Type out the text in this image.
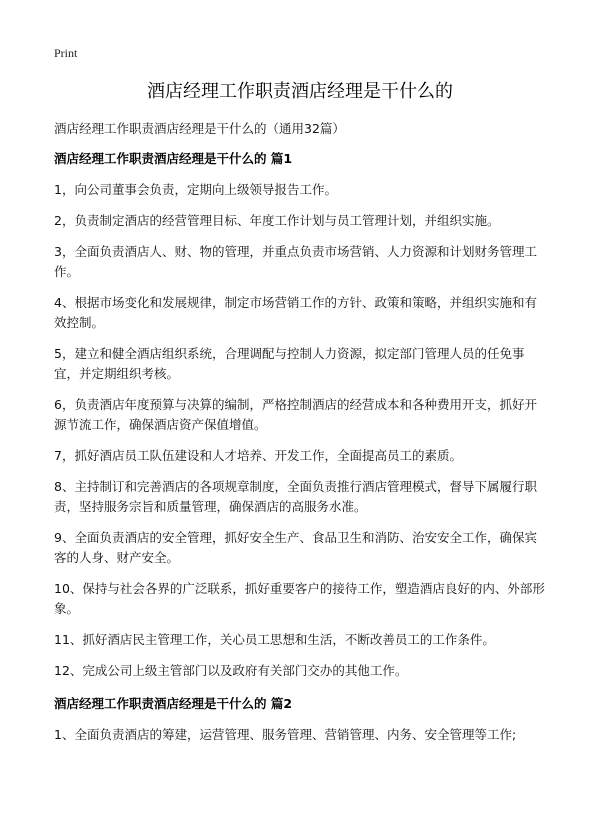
Print
酒店经理工作职责酒店经理是干什么的
酒店经理工作职责酒店经理是干什么的（通用32篇）
酒店经理工作职责酒店经理是干什么的 篇1

1，向公司董事会负责，定期向上级领导报告工作。

2，负责制定酒店的经营管理目标、年度工作计划与员工管理计划，并组织实施。

3，全面负责酒店人、财、物的管理，并重点负责市场营销、人力资源和计划财务管理工作。

4、根据市场变化和发展规律，制定市场营销工作的方针、政策和策略，并组织实施和有效控制。

5，建立和健全酒店组织系统，合理调配与控制人力资源，拟定部门管理人员的任免事宜，并定期组织考核。

6，负责酒店年度预算与决算的编制，严格控制酒店的经营成本和各种费用开支，抓好开源节流工作，确保酒店资产保值增值。

7，抓好酒店员工队伍建设和人才培养、开发工作，全面提高员工的素质。

8、主持制订和完善酒店的各项规章制度，全面负责推行酒店管理模式，督导下属履行职责，坚持服务宗旨和质量管理，确保酒店的高服务水准。

9、全面负责酒店的安全管理，抓好安全生产、食品卫生和消防、治安安全工作，确保宾客的人身、财产安全。

10、保持与社会各界的广泛联系，抓好重要客户的接待工作，塑造酒店良好的内、外部形象。

11、抓好酒店民主管理工作，关心员工思想和生活，不断改善员工的工作条件。

12、完成公司上级主管部门以及政府有关部门交办的其他工作。

酒店经理工作职责酒店经理是干什么的 篇2

1、全面负责酒店的筹建，运营管理、服务管理、营销管理、内务、安全管理等工作;
